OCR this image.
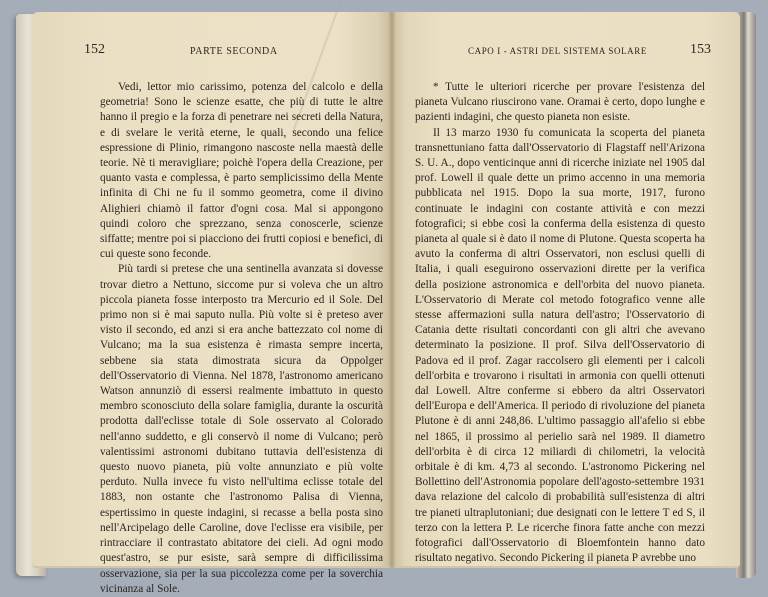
152	PARTE SECONDA	CAPO I - ASTRI DEL SISTEMA SOLARE	153

Vedi, lettor mio carissimo, potenza del calcolo e della geometria! Sono le scienze esatte, che più di tutte le altre hanno il pregio e la forza di penetrare nei secreti della Natura, e di svelare le verità eterne, le quali, secondo una felice espressione di Plinio, rimangono nascoste nella maestà delle teorie. Nè ti meravigliare; poichè l'opera della Creazione, per quanto vasta e complessa, è parto semplicissimo della Mente infinita di Chi ne fu il sommo geometra, come il divino Alighieri chiamò il fattor d'ogni cosa. Mal si appongono quindi coloro che sprezzano, senza conoscerle, scienze siffatte; mentre poi si piacciono dei frutti copiosi e benefici, di cui queste sono feconde.

Più tardi si pretese che una sentinella avanzata si dovesse trovar dietro a Nettuno, siccome pur si voleva che un altro piccola pianeta fosse interposto tra Mercurio ed il Sole. Del primo non si è mai saputo nulla. Più volte si è preteso aver visto il secondo, ed anzi si era anche battezzato col nome di Vulcano; ma la sua esistenza è rimasta sempre incerta, sebbene sia stata dimostrata sicura da Oppolger dell'Osservatorio di Vienna. Nel 1878, l'astronomo americano Watson annunziò di essersi realmente imbattuto in questo membro sconosciuto della solare famiglia, durante la oscurità prodotta dall'eclisse totale di Sole osservato al Colorado nell'anno suddetto, e gli conservò il nome di Vulcano; però valentissimi astronomi dubitano tuttavia dell'esistenza di questo nuovo pianeta, più volte annunziato e più volte perduto. Nulla invece fu visto nell'ultima eclisse totale del 1883, non ostante che l'astronomo Palisa di Vienna, espertissimo in queste indagini, si recasse a bella posta sino nell'Arcipelago delle Caroline, dove l'eclisse era visibile, per rintracciare il contrastato abitatore dei cieli. Ad ogni modo quest'astro, se pur esiste, sarà sempre di difficilissima osservazione, sia per la sua piccolezza come per la soverchia vicinanza al Sole.

* Tutte le ulteriori ricerche per provare l'esistenza del pianeta Vulcano riuscirono vane. Oramai è certo, dopo lunghe e pazienti indagini, che questo pianeta non esiste.

Il 13 marzo 1930 fu comunicata la scoperta del pianeta transnettuniano fatta dall'Osservatorio di Flagstaff nell'Arizona S. U. A., dopo venticinque anni di ricerche iniziate nel 1905 dal prof. Lowell il quale dette un primo accenno in una memoria pubblicata nel 1915. Dopo la sua morte, 1917, furono continuate le indagini con costante attività e con mezzi fotografici; si ebbe così la conferma della esistenza di questo pianeta al quale si è dato il nome di Plutone. Questa scoperta ha avuto la conferma di altri Osservatori, non esclusi quelli di Italia, i quali eseguirono osservazioni dirette per la verifica della posizione astronomica e dell'orbita del nuovo pianeta. L'Osservatorio di Merate col metodo fotografico venne alle stesse affermazioni sulla natura dell'astro; l'Osservatorio di Catania dette risultati concordanti con gli altri che avevano determinato la posizione. Il prof. Silva dell'Osservatorio di Padova ed il prof. Zagar raccolsero gli elementi per i calcoli dell'orbita e trovarono i risultati in armonia con quelli ottenuti dal Lowell. Altre conferme si ebbero da altri Osservatori dell'Europa e dell'America. Il periodo di rivoluzione del pianeta Plutone è di anni 248,86. L'ultimo passaggio all'afelio si ebbe nel 1865, il prossimo al perielio sarà nel 1989. Il diametro dell'orbita è di circa 12 miliardi di chilometri, la velocità orbitale è di km. 4,73 al secondo. L'astronomo Pickering nel Bollettino dell'Astronomia popolare dell'agosto-settembre 1931 dava relazione del calcolo di probabilità sull'esistenza di altri tre pianeti ultraplutoniani; due designati con le lettere T ed S, il terzo con la lettera P. Le ricerche finora fatte anche con mezzi fotografici dall'Osservatorio di Bloemfontein hanno dato risultato negativo. Secondo Pickering il pianeta P avrebbe uno
